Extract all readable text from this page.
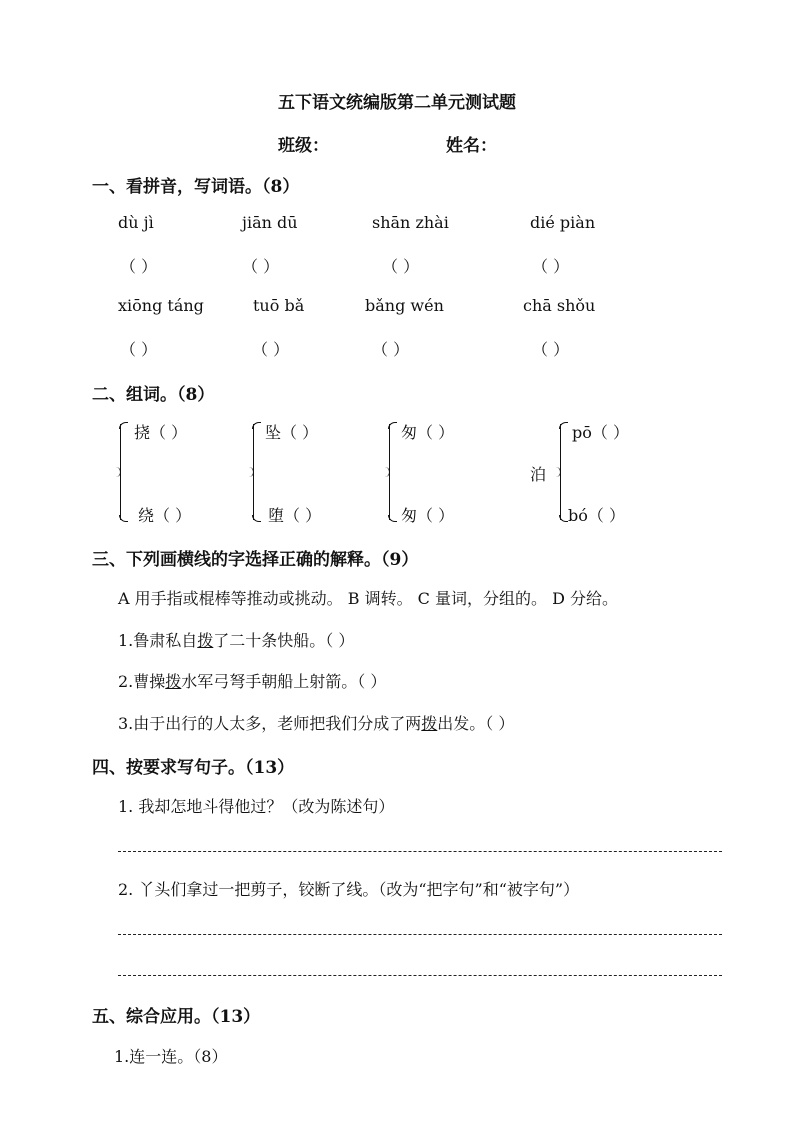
五下语文统编版第二单元测试题
班级：	姓名：
一、看拼音，写词语。（8）
dù jì	jiān dū	shān zhài	dié piàn
（ ）	（ ）	（ ）	（ ）
xiōng táng	tuō bǎ	bǎng wén	chā shǒu
（ ）	（ ）	（ ）	（ ）
二、组词。（8）
挠（ ）
绕（ ）
坠（ ）
堕（ ）
匆（ ）
匆（ ）
泊
pō（ ）
bó（ ）
三、下列画横线的字选择正确的解释。（9）
A 用手指或棍棒等推动或挑动。 B 调转。 C 量词，分组的。 D 分给。
1.鲁肃私自拨了二十条快船。（ ）
2.曹操拨水军弓弩手朝船上射箭。（ ）
3.由于出行的人太多，老师把我们分成了两拨出发。（ ）
四、按要求写句子。（13）
1. 我却怎地斗得他过？（改为陈述句）
2. 丫头们拿过一把剪子，铰断了线。（改为“把字句”和“被字句”）
五、综合应用。（13）
1.连一连。（8）
